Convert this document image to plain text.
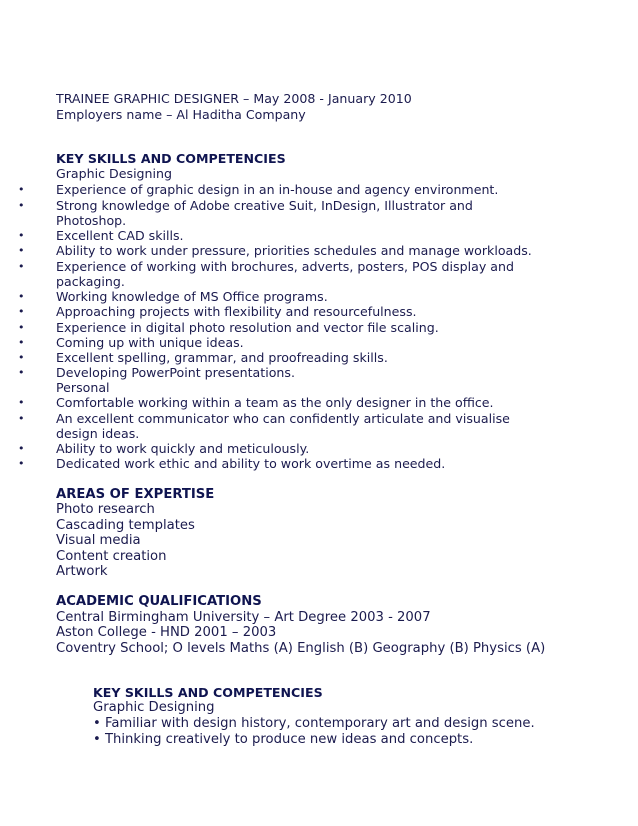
TRAINEE GRAPHIC DESIGNER – May 2008 - January 2010
Employers name – Al Haditha Company
KEY SKILLS AND COMPETENCIES
Graphic Designing
•	Experience of graphic design in an in-house and agency environment.
•	Strong knowledge of Adobe creative Suit, InDesign, Illustrator and Photoshop.
•	Excellent CAD skills.
•	Ability to work under pressure, priorities schedules and manage workloads.
•	Experience of working with brochures, adverts, posters, POS display and packaging.
•	Working knowledge of MS Office programs.
•	Approaching projects with flexibility and resourcefulness.
•	Experience in digital photo resolution and vector file scaling.
•	Coming up with unique ideas.
•	Excellent spelling, grammar, and proofreading skills.
•	Developing PowerPoint presentations.
Personal
•	Comfortable working within a team as the only designer in the office.
•	An excellent communicator who can confidently articulate and visualise design ideas.
•	Ability to work quickly and meticulously.
•	Dedicated work ethic and ability to work overtime as needed.
AREAS OF EXPERTISE
Photo research
Cascading templates
Visual media
Content creation
Artwork
ACADEMIC QUALIFICATIONS
Central Birmingham University – Art Degree 2003 - 2007
Aston College - HND 2001 – 2003
Coventry School; O levels Maths (A) English (B) Geography (B) Physics (A)
KEY SKILLS AND COMPETENCIES
Graphic Designing
• Familiar with design history, contemporary art and design scene.
• Thinking creatively to produce new ideas and concepts.
